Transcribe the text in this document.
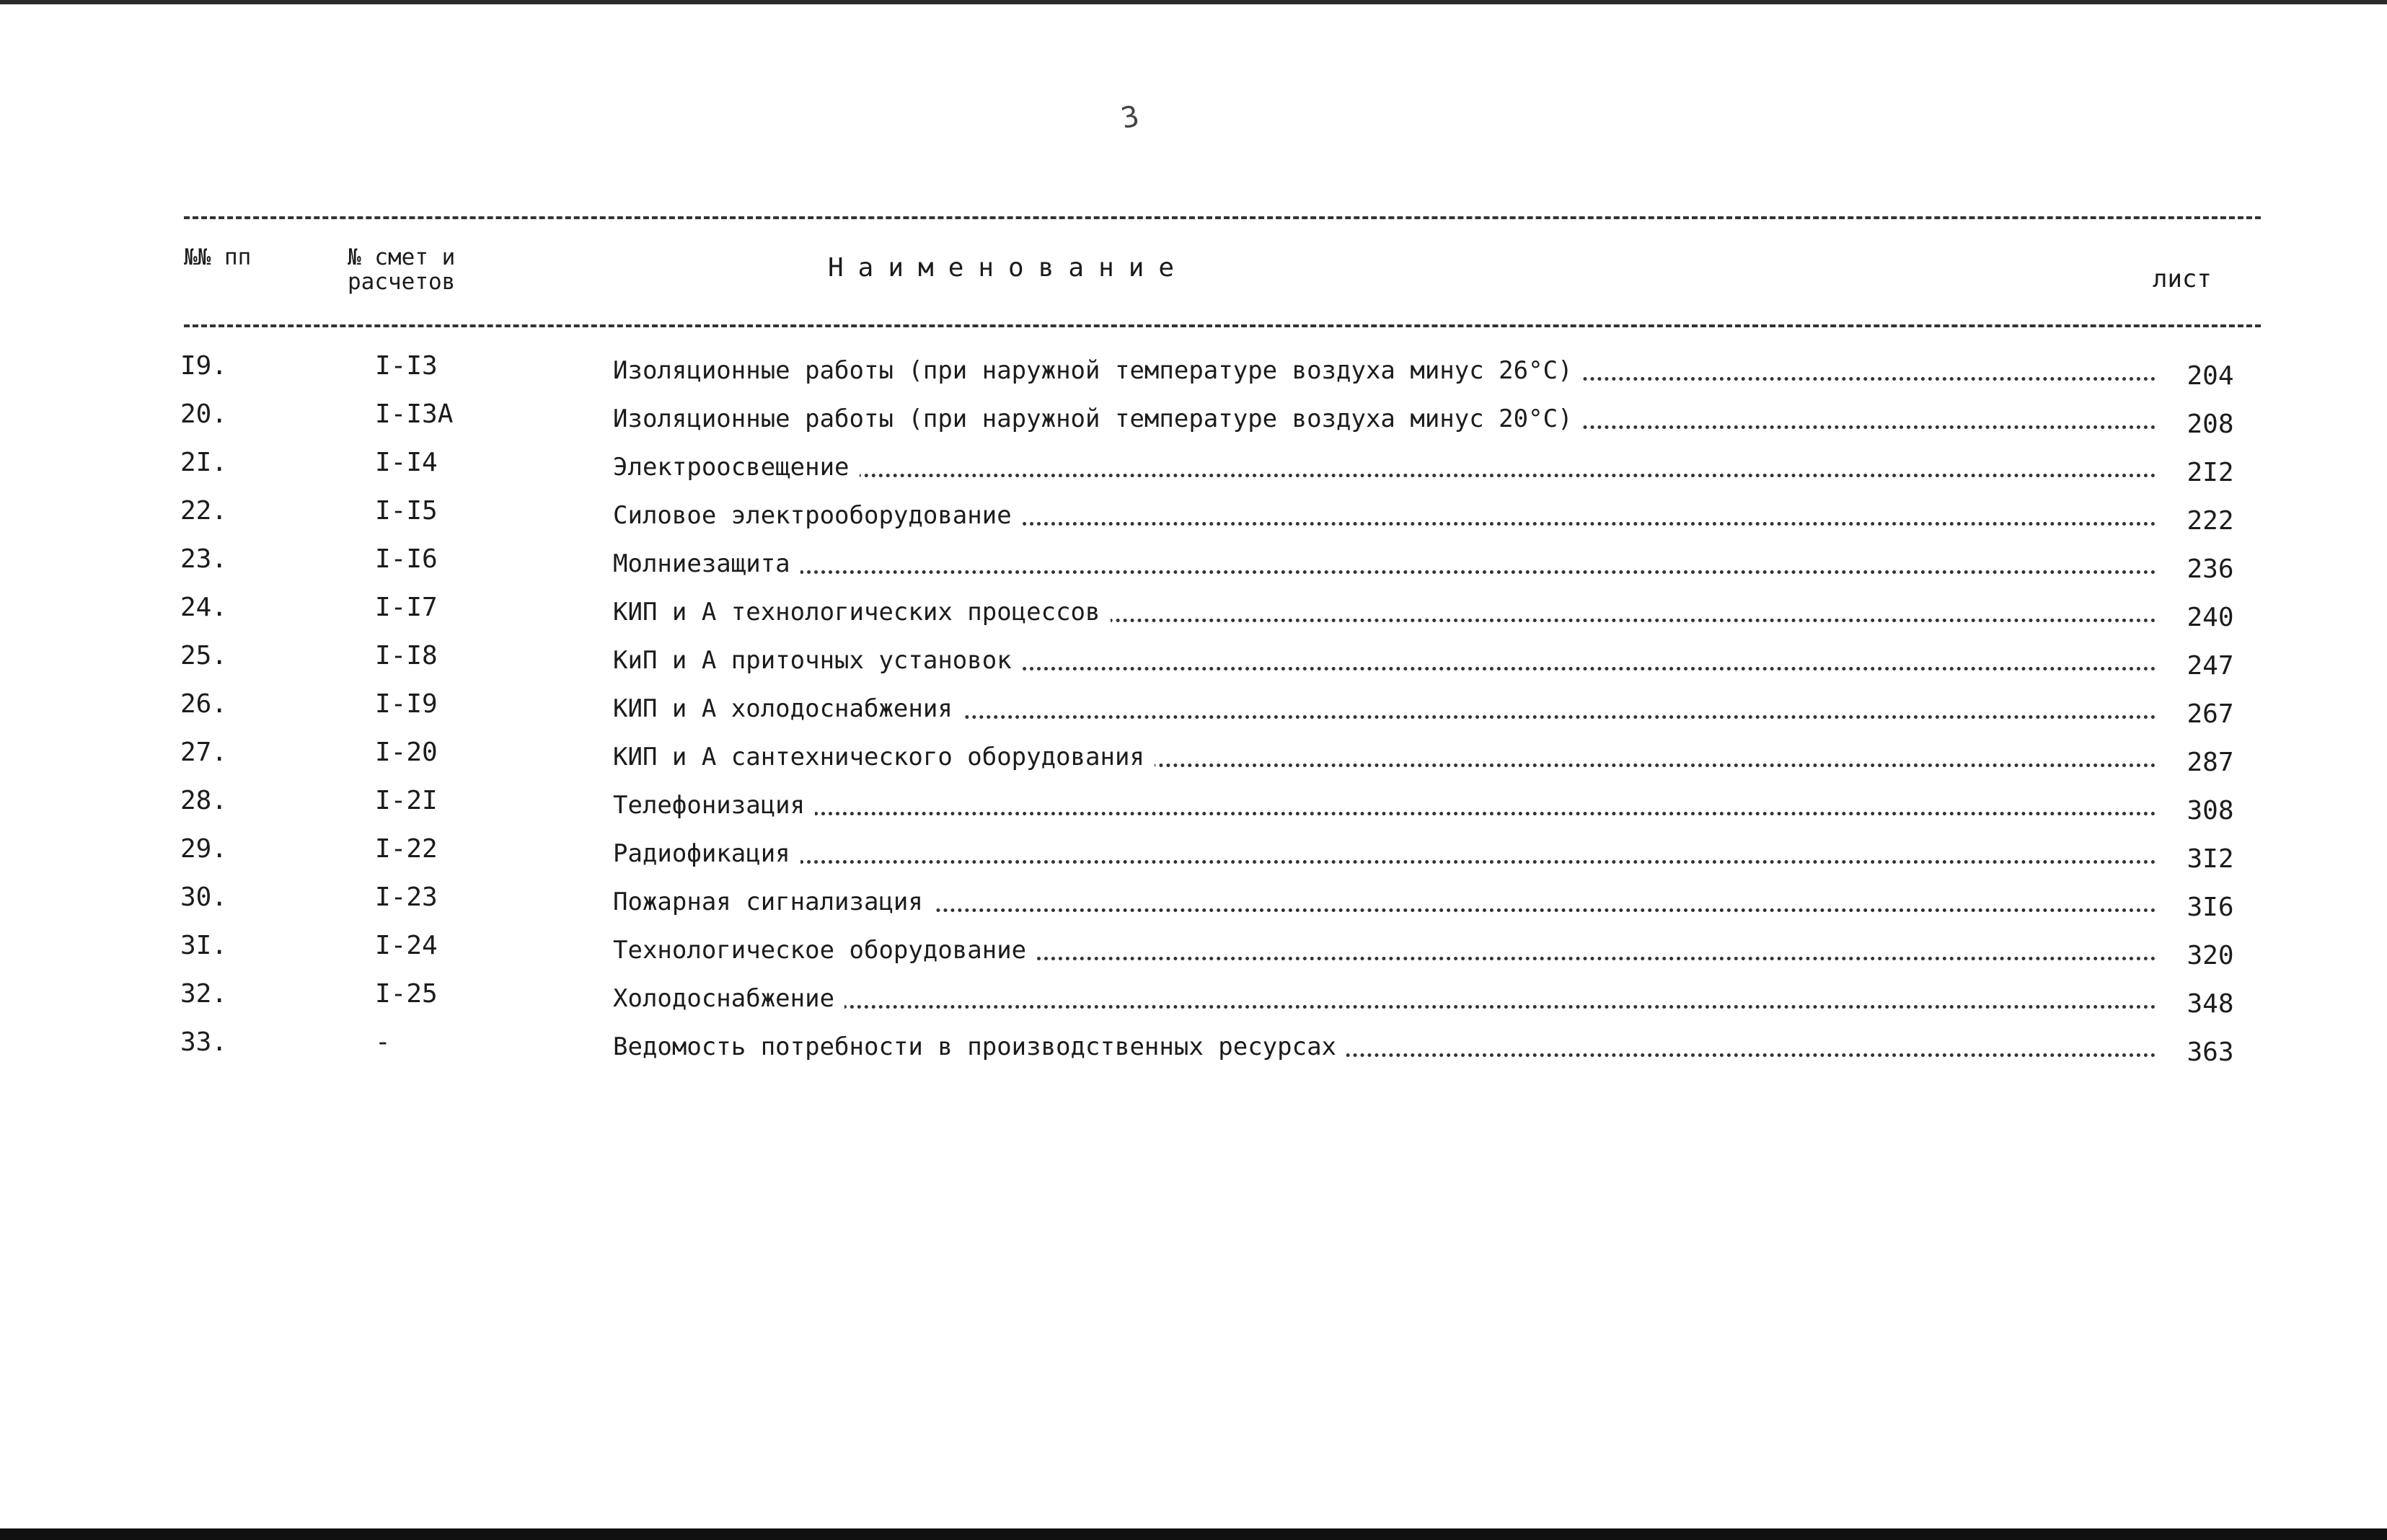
3
№№ пп	№ смет и расчетов	Наименование	лист
I9.	I-I3	Изоляционные работы (при наружной температуре воздуха минус 26°С)	204
20.	I-I3А	Изоляционные работы (при наружной температуре воздуха минус 20°С)	208
2I.	I-I4	Электроосвещение	2I2
22.	I-I5	Силовое электрооборудование	222
23.	I-I6	Молниезащита	236
24.	I-I7	КИП и А технологических процессов	240
25.	I-I8	КиП и А приточных установок	247
26.	I-I9	КИП и А холодоснабжения	267
27.	I-20	КИП и А сантехнического оборудования	287
28.	I-2I	Телефонизация	308
29.	I-22	Радиофикация	3I2
30.	I-23	Пожарная сигнализация	3I6
3I.	I-24	Технологическое оборудование	320
32.	I-25	Холодоснабжение	348
33.	-	Ведомость потребности в производственных ресурсах	363
